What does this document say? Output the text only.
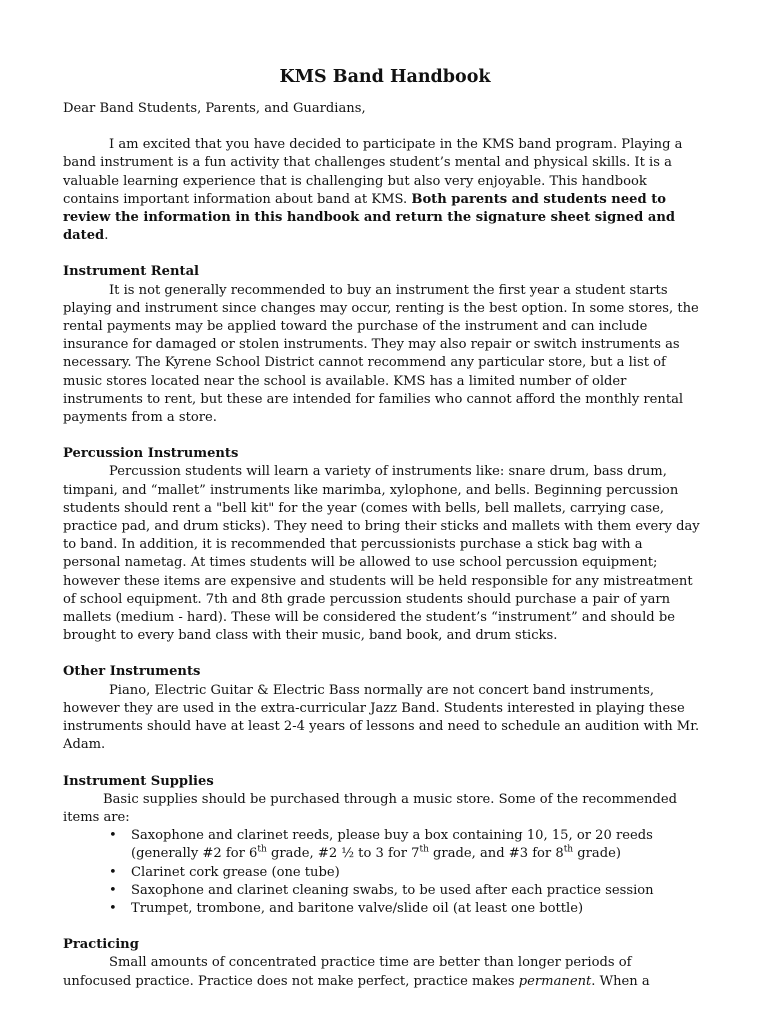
KMS Band Handbook

Dear Band Students, Parents, and Guardians,

I am excited that you have decided to participate in the KMS band program. Playing a band instrument is a fun activity that challenges student’s mental and physical skills. It is a valuable learning experience that is challenging but also very enjoyable. This handbook contains important information about band at KMS. Both parents and students need to review the information in this handbook and return the signature sheet signed and dated.

Instrument Rental

It is not generally recommended to buy an instrument the first year a student starts playing and instrument since changes may occur, renting is the best option. In some stores, the rental payments may be applied toward the purchase of the instrument and can include insurance for damaged or stolen instruments. They may also repair or switch instruments as necessary. The Kyrene School District cannot recommend any particular store, but a list of music stores located near the school is available. KMS has a limited number of older instruments to rent, but these are intended for families who cannot afford the monthly rental payments from a store.

Percussion Instruments

Percussion students will learn a variety of instruments like: snare drum, bass drum, timpani, and “mallet” instruments like marimba, xylophone, and bells. Beginning percussion students should rent a "bell kit" for the year (comes with bells, bell mallets, carrying case, practice pad, and drum sticks). They need to bring their sticks and mallets with them every day to band. In addition, it is recommended that percussionists purchase a stick bag with a personal nametag. At times students will be allowed to use school percussion equipment; however these items are expensive and students will be held responsible for any mistreatment of school equipment. 7th and 8th grade percussion students should purchase a pair of yarn mallets (medium - hard). These will be considered the student’s “instrument” and should be brought to every band class with their music, band book, and drum sticks.

Other Instruments

Piano, Electric Guitar & Electric Bass normally are not concert band instruments, however they are used in the extra-curricular Jazz Band. Students interested in playing these instruments should have at least 2-4 years of lessons and need to schedule an audition with Mr. Adam.

Instrument Supplies

Basic supplies should be purchased through a music store. Some of the recommended items are:

• Saxophone and clarinet reeds, please buy a box containing 10, 15, or 20 reeds (generally #2 for 6th grade, #2 ½ to 3 for 7th grade, and #3 for 8th grade)
• Clarinet cork grease (one tube)
• Saxophone and clarinet cleaning swabs, to be used after each practice session
• Trumpet, trombone, and baritone valve/slide oil (at least one bottle)

Practicing

Small amounts of concentrated practice time are better than longer periods of unfocused practice. Practice does not make perfect, practice makes permanent. When a
